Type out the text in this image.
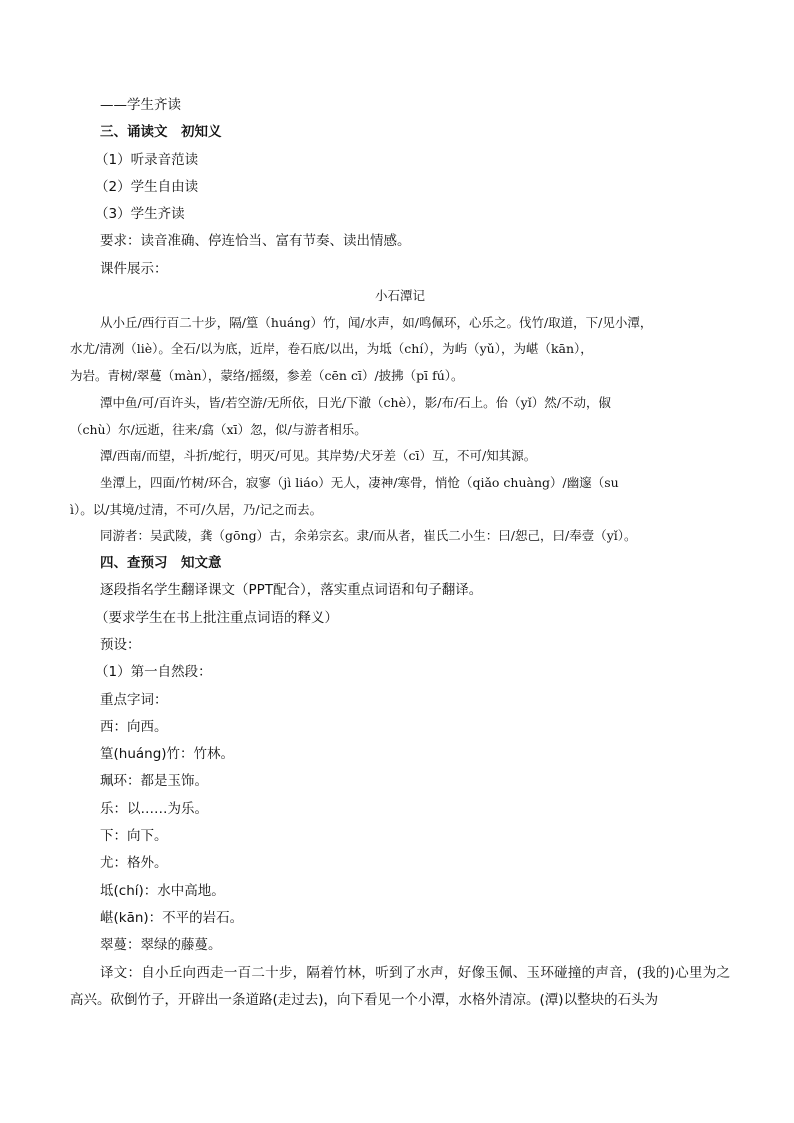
——学生齐读
三、诵读文　初知义
（1）听录音范读
（2）学生自由读
（3）学生齐读
要求：读音准确、停连恰当、富有节奏、读出情感。
课件展示：
小石潭记
从小丘/西行百二十步，隔/篁（huáng）竹，闻/水声，如/鸣佩环，心乐之。伐竹/取道，下/见小潭，
水尤/清冽（liè）。全石/以为底，近岸，卷石底/以出，为坻（chí），为屿（yǔ），为嵁（kān），
为岩。青树/翠蔓（màn），蒙络/摇缀，参差（cēn cī）/披拂（pī fú）。
潭中鱼/可/百许头，皆/若空游/无所依，日光/下澈（chè），影/布/石上。佁（yǐ）然/不动，俶
（chù）尔/远逝，往来/翕（xī）忽，似/与游者相乐。
潭/西南/而望，斗折/蛇行，明灭/可见。其岸势/犬牙差（cī）互，不可/知其源。
坐潭上，四面/竹树/环合，寂寥（jì liáo）无人，凄神/寒骨，悄怆（qiǎo chuàng）/幽邃（su
ì）。以/其境/过清，不可/久居，乃/记之而去。
同游者：吴武陵，龚（gōng）古，余弟宗玄。隶/而从者，崔氏二小生：曰/恕己，曰/奉壹（yǐ）。
四、查预习　知文意
逐段指名学生翻译课文（PPT配合），落实重点词语和句子翻译。
（要求学生在书上批注重点词语的释义）
预设：
（1）第一自然段：
重点字词：
西：向西。
篁(huáng)竹：竹林。
珮环：都是玉饰。
乐：以……为乐。
下：向下。
尤：格外。
坻(chí)：水中高地。
嵁(kān)：不平的岩石。
翠蔓：翠绿的藤蔓。
译文：自小丘向西走一百二十步，隔着竹林，听到了水声，好像玉佩、玉环碰撞的声音，(我的)心里为之高兴。砍倒竹子，开辟出一条道路(走过去)，向下看见一个小潭，水格外清凉。(潭)以整块的石头为
